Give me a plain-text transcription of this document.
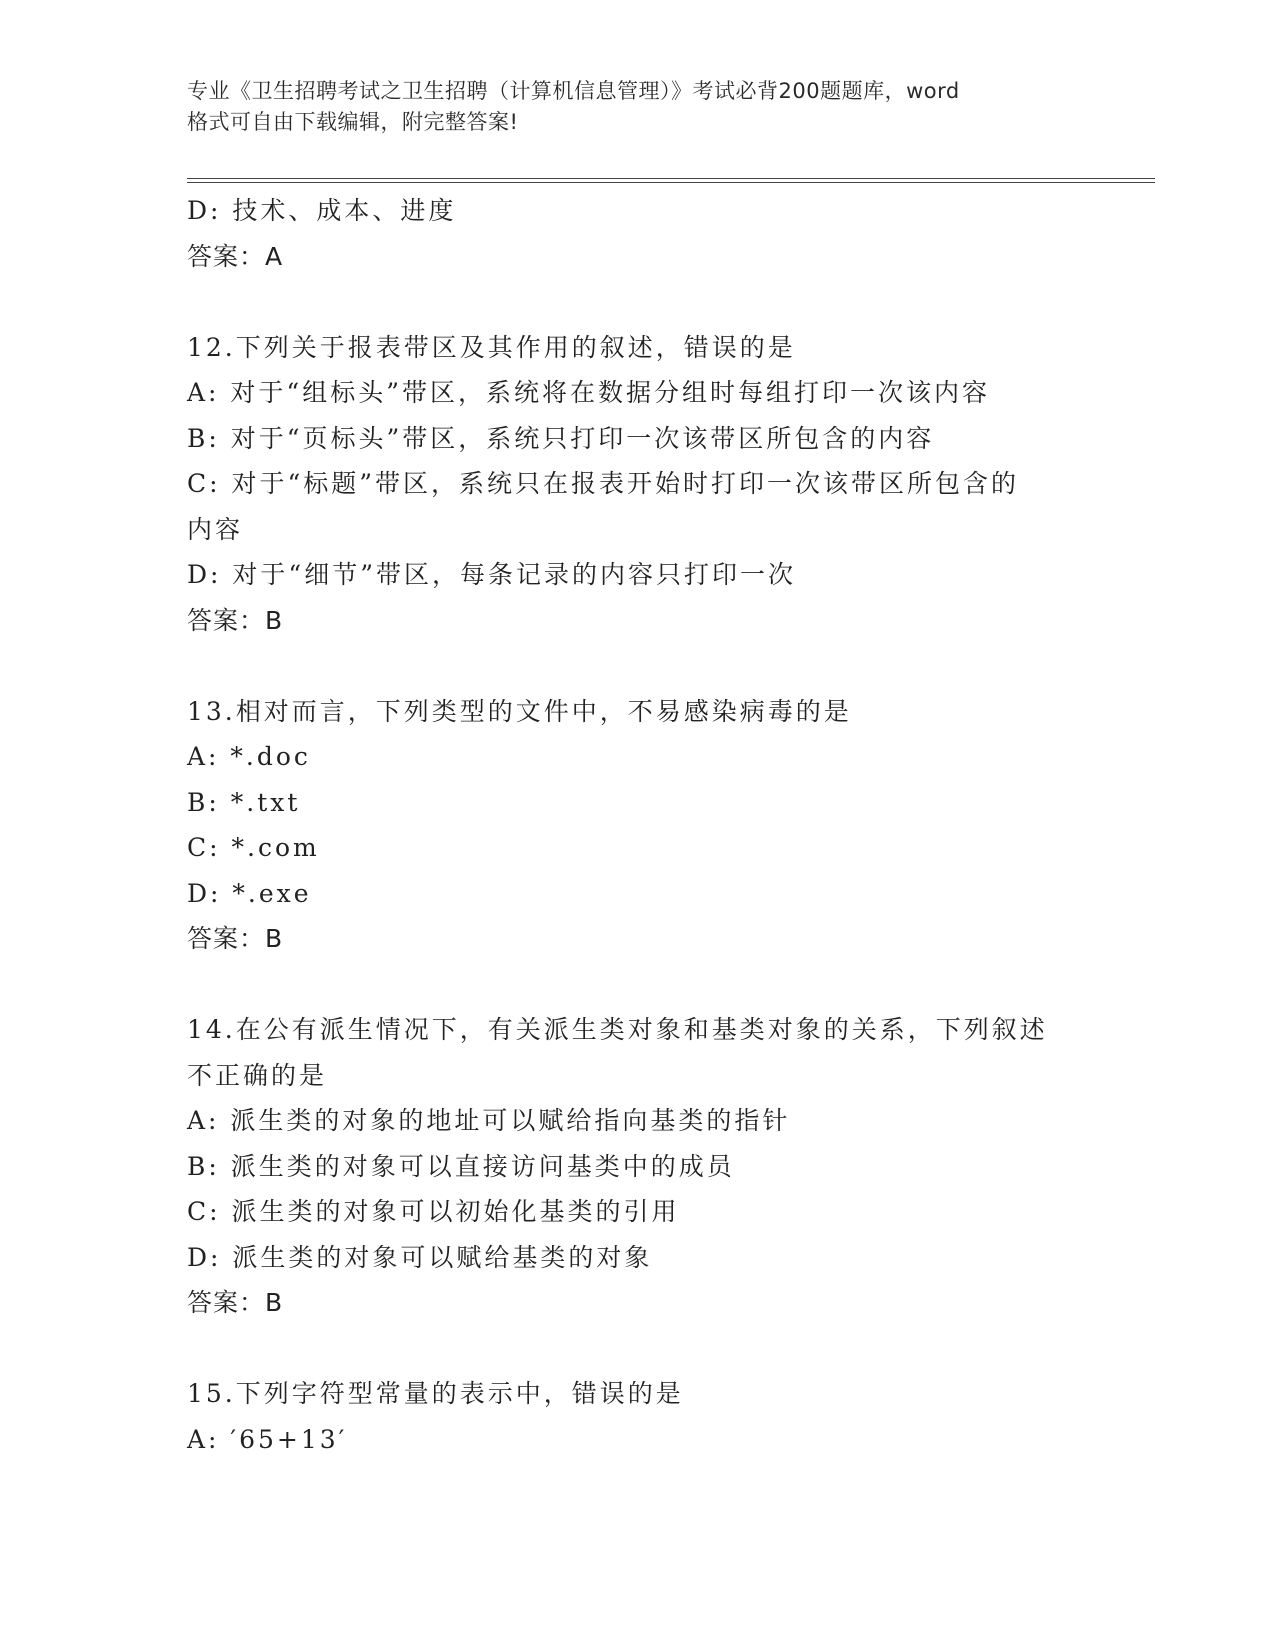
专业《卫生招聘考试之卫生招聘（计算机信息管理）》考试必背200题题库，word
格式可自由下载编辑，附完整答案!
D: 技术、成本、进度
答案：A
12.下列关于报表带区及其作用的叙述，错误的是
A: 对于“组标头”带区，系统将在数据分组时每组打印一次该内容
B: 对于“页标头”带区，系统只打印一次该带区所包含的内容
C: 对于“标题”带区，系统只在报表开始时打印一次该带区所包含的
内容
D: 对于“细节”带区，每条记录的内容只打印一次
答案：B
13.相对而言，下列类型的文件中，不易感染病毒的是
A: *.doc
B: *.txt
C: *.com
D: *.exe
答案：B
14.在公有派生情况下，有关派生类对象和基类对象的关系，下列叙述
不正确的是
A: 派生类的对象的地址可以赋给指向基类的指针
B: 派生类的对象可以直接访问基类中的成员
C: 派生类的对象可以初始化基类的引用
D: 派生类的对象可以赋给基类的对象
答案：B
15.下列字符型常量的表示中，错误的是
A: ′65+13′
